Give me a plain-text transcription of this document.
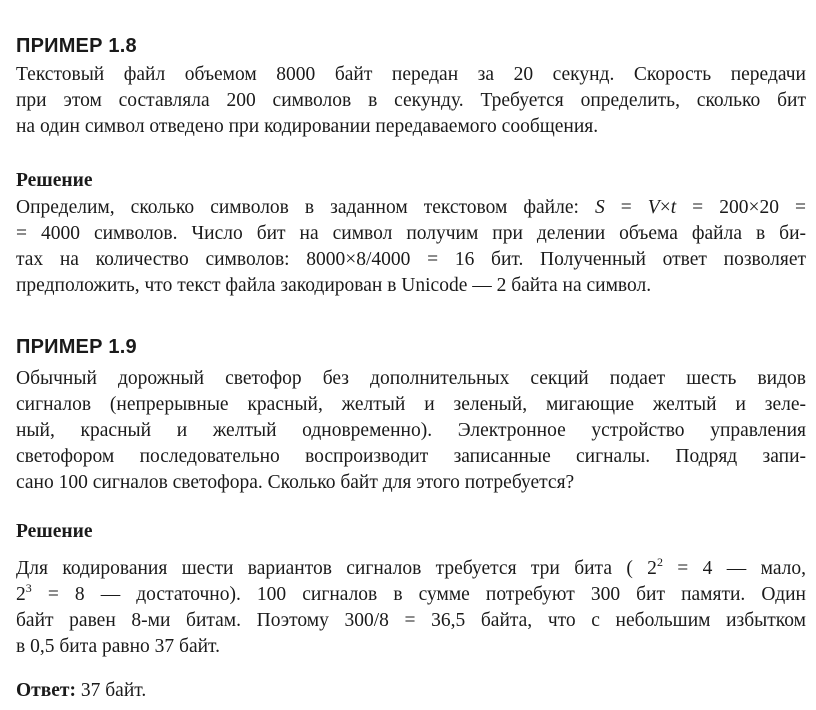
ПРИМЕР 1.8
Текстовый файл объемом 8000 байт передан за 20 секунд. Скорость передачи
при этом составляла 200 символов в секунду. Требуется определить, сколько бит
на один символ отведено при кодировании передаваемого сообщения.
Решение
Определим, сколько символов в заданном текстовом файле: S = V×t = 200×20 =
= 4000 символов. Число бит на символ получим при делении объема файла в би-
тах на количество символов: 8000×8/4000 = 16 бит. Полученный ответ позволяет
предположить, что текст файла закодирован в Unicode — 2 байта на символ.
ПРИМЕР 1.9
Обычный дорожный светофор без дополнительных секций подает шесть видов
сигналов (непрерывные красный, желтый и зеленый, мигающие желтый и зеле-
ный, красный и желтый одновременно). Электронное устройство управления
светофором последовательно воспроизводит записанные сигналы. Подряд запи-
сано 100 сигналов светофора. Сколько байт для этого потребуется?
Решение
Для кодирования шести вариантов сигналов требуется три бита ( $2^2 = 4$ — мало,
$2^3 = 8$ — достаточно). 100 сигналов в сумме потребуют 300 бит памяти. Один
байт равен 8-ми битам. Поэтому 300/8 = 36,5 байта, что с небольшим избытком
в 0,5 бита равно 37 байт.

Ответ: 37 байт.
